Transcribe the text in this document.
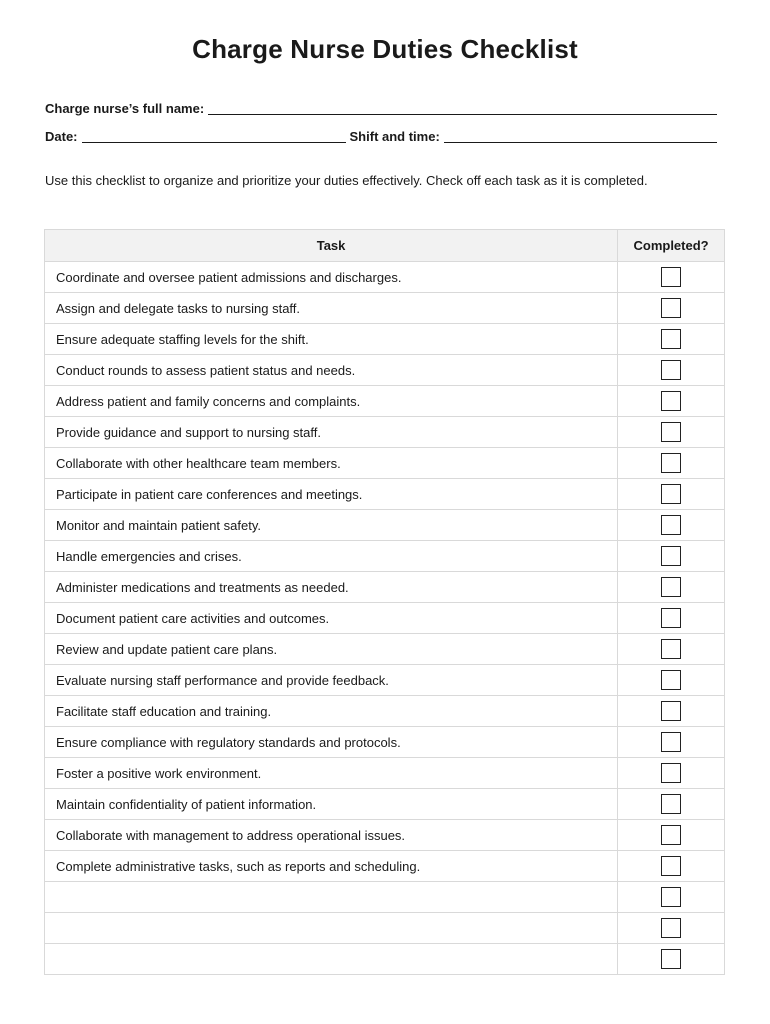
Charge Nurse Duties Checklist
Charge nurse’s full name:
Date:	Shift and time:
Use this checklist to organize and prioritize your duties effectively. Check off each task as it is completed.
Task	Completed?
Coordinate and oversee patient admissions and discharges.	
Assign and delegate tasks to nursing staff.	
Ensure adequate staffing levels for the shift.	
Conduct rounds to assess patient status and needs.	
Address patient and family concerns and complaints.	
Provide guidance and support to nursing staff.	
Collaborate with other healthcare team members.	
Participate in patient care conferences and meetings.	
Monitor and maintain patient safety.	
Handle emergencies and crises.	
Administer medications and treatments as needed.	
Document patient care activities and outcomes.	
Review and update patient care plans.	
Evaluate nursing staff performance and provide feedback.	
Facilitate staff education and training.	
Ensure compliance with regulatory standards and protocols.	
Foster a positive work environment.	
Maintain confidentiality of patient information.	
Collaborate with management to address operational issues.	
Complete administrative tasks, such as reports and scheduling.	
